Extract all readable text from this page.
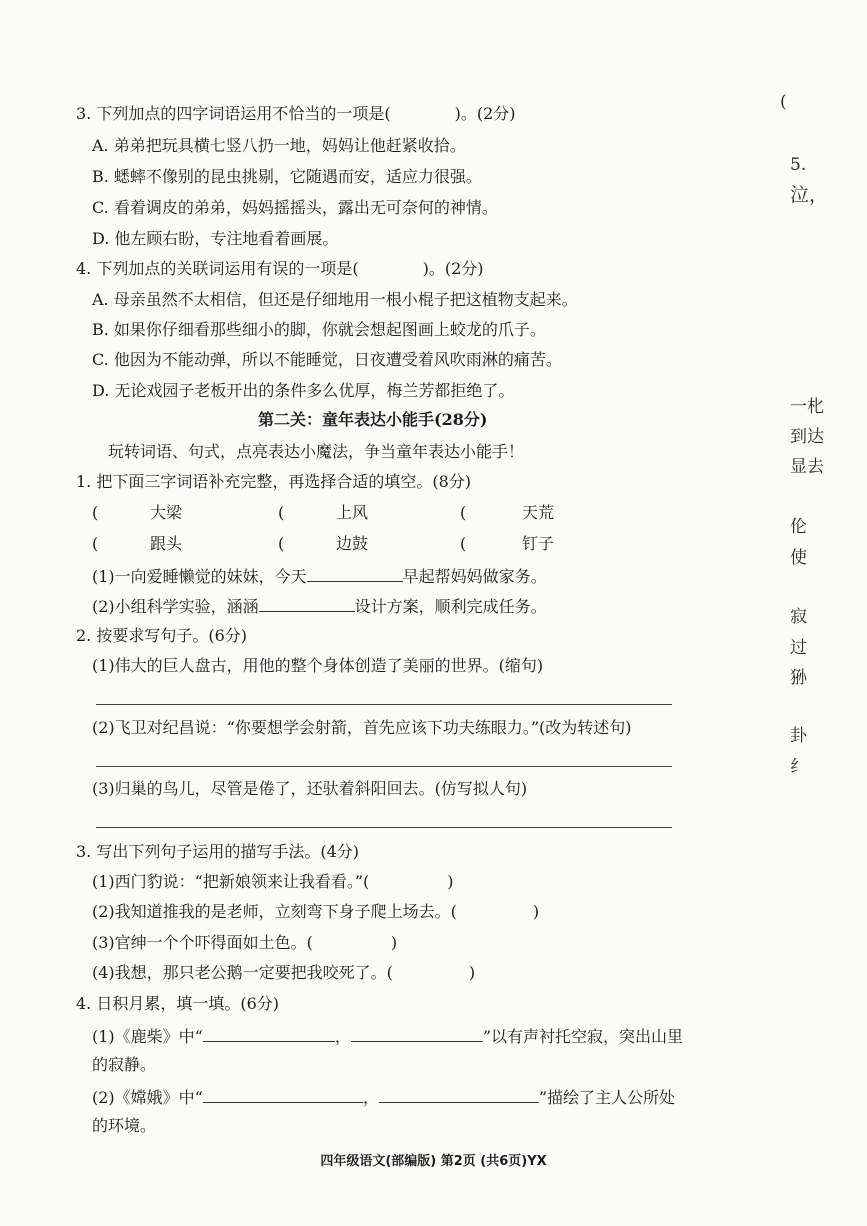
3. 下列加点的四字词语运用不恰当的一项是(	)。(2分)
A. 弟弟把玩具横七竖八扔一地，妈妈让他赶紧收拾。
B. 蟋蟀不像别的昆虫挑剔，它随遇而安，适应力很强。
C. 看着调皮的弟弟，妈妈摇摇头，露出无可奈何的神情。
D. 他左顾右盼，专注地看着画展。
4. 下列加点的关联词运用有误的一项是(	)。(2分)
A. 母亲虽然不太相信，但还是仔细地用一根小棍子把这植物支起来。
B. 如果你仔细看那些细小的脚，你就会想起图画上蛟龙的爪子。
C. 他因为不能动弹，所以不能睡觉，日夜遭受着风吹雨淋的痛苦。
D. 无论戏园子老板开出的条件多么优厚，梅兰芳都拒绝了。
第二关：童年表达小能手(28分)
玩转词语、句式，点亮表达小魔法，争当童年表达小能手！
1. 把下面三字词语补充完整，再选择合适的填空。(8分)
(	大梁	(	上风	(	天荒
(	跟头	(	边鼓	(	钉子
(1)一向爱睡懒觉的妹妹，今天	早起帮妈妈做家务。
(2)小组科学实验，涵涵	设计方案，顺利完成任务。
2. 按要求写句子。(6分)
(1)伟大的巨人盘古，用他的整个身体创造了美丽的世界。(缩句)
(2)飞卫对纪昌说：“你要想学会射箭，首先应该下功夫练眼力。”(改为转述句)
(3)归巢的鸟儿，尽管是倦了，还驮着斜阳回去。(仿写拟人句)
3. 写出下列句子运用的描写手法。(4分)
(1)西门豹说：“把新娘领来让我看看。”(	)
(2)我知道推我的是老师，立刻弯下身子爬上场去。(	)
(3)官绅一个个吓得面如土色。(	)
(4)我想，那只老公鹅一定要把我咬死了。(	)
4. 日积月累，填一填。(6分)
(1)《鹿柴》中“	，	”以有声衬托空寂，突出山里
的寂静。
(2)《嫦娥》中“	，	”描绘了主人公所处
的环境。
(
5.
泣，
一朼
到达
显去
伦
使
寂
过
狲
卦
纟
四年级语文(部编版) 第2页 (共6页)YX
